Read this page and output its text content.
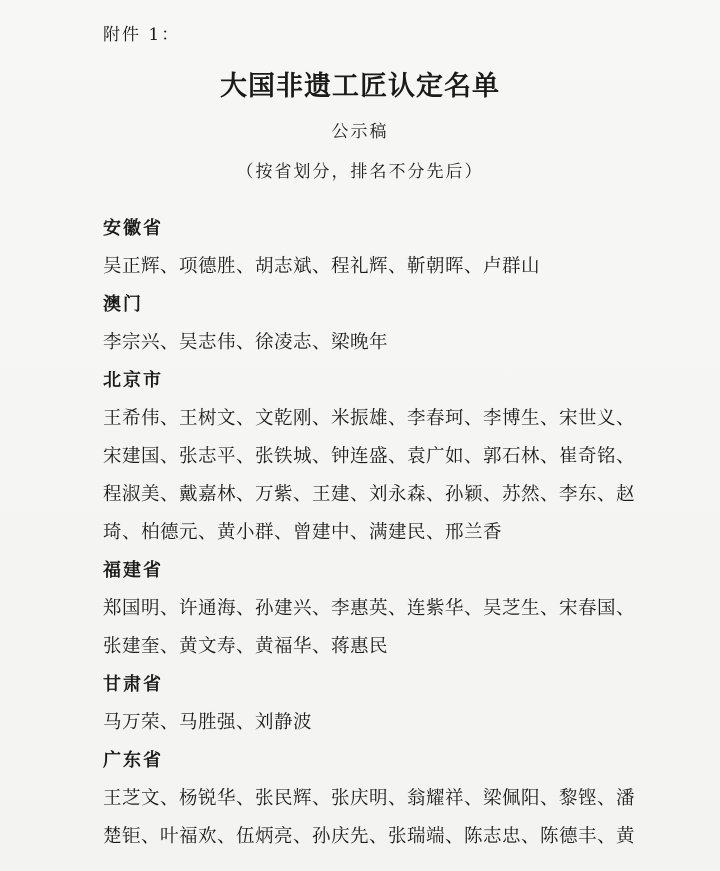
附件 1：
大国非遗工匠认定名单
公示稿
（按省划分，排名不分先后）
安徽省
吴正辉、项德胜、胡志斌、程礼辉、靳朝晖、卢群山
澳门
李宗兴、吴志伟、徐凌志、梁晚年
北京市
王希伟、王树文、文乾刚、米振雄、李春珂、李博生、宋世义、
宋建国、张志平、张铁城、钟连盛、袁广如、郭石林、崔奇铭、
程淑美、戴嘉林、万紫、王建、刘永森、孙颖、苏然、李东、赵
琦、柏德元、黄小群、曾建中、满建民、邢兰香
福建省
郑国明、许通海、孙建兴、李惠英、连紫华、吴芝生、宋春国、
张建奎、黄文寿、黄福华、蒋惠民
甘肃省
马万荣、马胜强、刘静波
广东省
王芝文、杨锐华、张民辉、张庆明、翁耀祥、梁佩阳、黎铿、潘
楚钜、叶福欢、伍炳亮、孙庆先、张瑞端、陈志忠、陈德丰、黄
